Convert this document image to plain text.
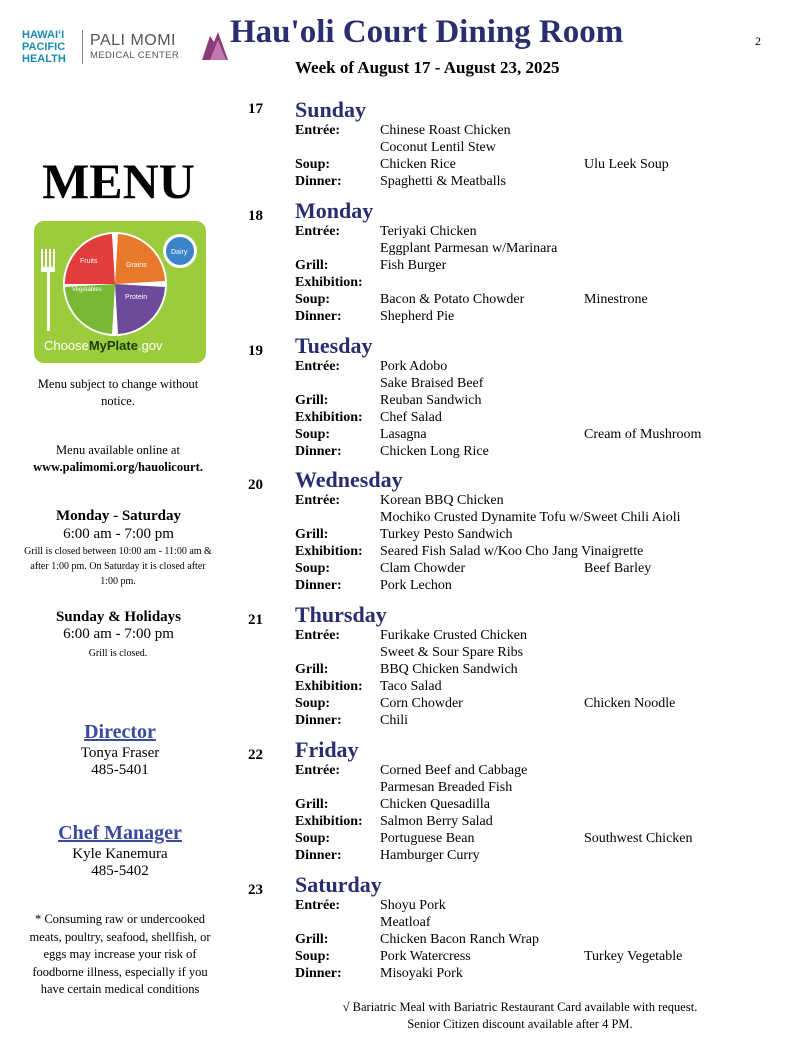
HAWAIʻI
PACIFIC
HEALTH
PALI MOMI
MEDICAL CENTER
Hau'oli Court Dining Room	2
Week of August 17 - August 23, 2025
MENU
Fruits
Grains
Vegetables
Protein
Dairy
ChooseMyPlate.gov
Menu subject to change without
notice.
Menu available online at
www.palimomi.org/hauolicourt.
Monday - Saturday
6:00 am - 7:00 pm
Grill is closed between 10:00 am - 11:00 am &
after 1:00 pm. On Saturday it is closed after
1:00 pm.
Sunday & Holidays
6:00 am - 7:00 pm
Grill is closed.
Director
Tonya Fraser
485-5401
Chef Manager
Kyle Kanemura
485-5402
* Consuming raw or undercooked
meats, poultry, seafood, shellfish, or
eggs may increase your risk of
foodborne illness, especially if you
have certain medical conditions
17 Sunday
Entrée:	Chinese Roast Chicken
Coconut Lentil Stew
Soup:	Chicken Rice	Ulu Leek Soup
Dinner:	Spaghetti & Meatballs
18 Monday
Entrée:	Teriyaki Chicken
Eggplant Parmesan w/Marinara
Grill:	Fish Burger
Exhibition:
Soup:	Bacon & Potato Chowder	Minestrone
Dinner:	Shepherd Pie
19 Tuesday
Entrée:	Pork Adobo
Sake Braised Beef
Grill:	Reuban Sandwich
Exhibition: Chef Salad
Soup:	Lasagna	Cream of Mushroom
Dinner:	Chicken Long Rice
20 Wednesday
Entrée:	Korean BBQ Chicken
Mochiko Crusted Dynamite Tofu w/Sweet Chili Aioli
Grill:	Turkey Pesto Sandwich
Exhibition: Seared Fish Salad w/Koo Cho Jang Vinaigrette
Soup:	Clam Chowder	Beef Barley
Dinner:	Pork Lechon
21 Thursday
Entrée:	Furikake Crusted Chicken
Sweet & Sour Spare Ribs
Grill:	BBQ Chicken Sandwich
Exhibition: Taco Salad
Soup:	Corn Chowder	Chicken Noodle
Dinner:	Chili
22 Friday
Entrée:	Corned Beef and Cabbage
Parmesan Breaded Fish
Grill:	Chicken Quesadilla
Exhibition: Salmon Berry Salad
Soup:	Portuguese Bean	Southwest Chicken
Dinner:	Hamburger Curry
23 Saturday
Entrée:	Shoyu Pork
Meatloaf
Grill:	Chicken Bacon Ranch Wrap
Soup:	Pork Watercress	Turkey Vegetable
Dinner:	Misoyaki Pork
√ Bariatric Meal with Bariatric Restaurant Card available with request.
Senior Citizen discount available after 4 PM.
